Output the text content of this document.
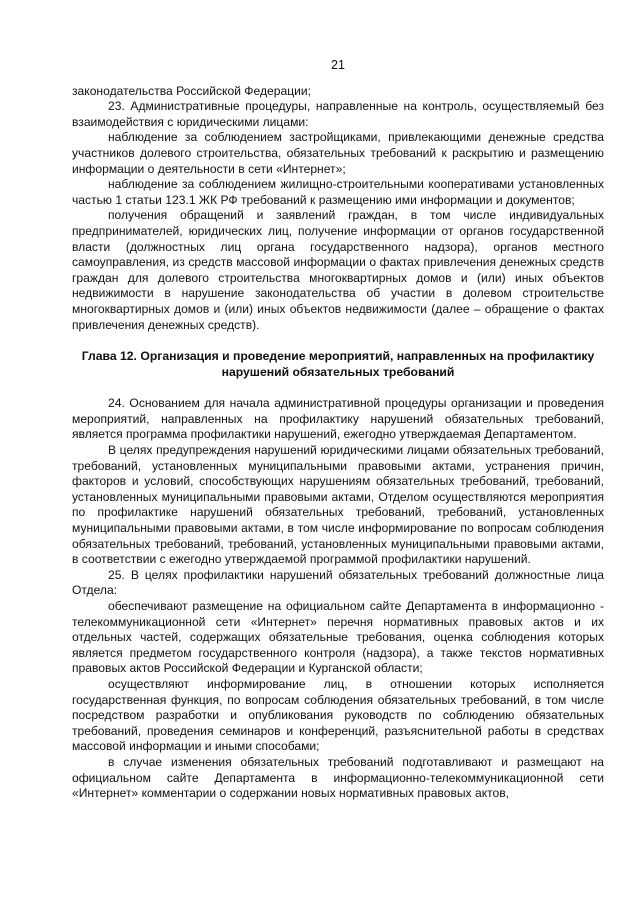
21

законодательства Российской Федерации;

23. Административные процедуры, направленные на контроль, осуществляемый без взаимодействия с юридическими лицами:

наблюдение за соблюдением застройщиками, привлекающими денежные средства участников долевого строительства, обязательных требований к раскрытию и размещению информации о деятельности в сети «Интернет»;

наблюдение за соблюдением жилищно-строительными кооперативами установленных частью 1 статьи 123.1 ЖК РФ требований к размещению ими информации и документов;

получения обращений и заявлений граждан, в том числе индивидуальных предпринимателей, юридических лиц, получение информации от органов государственной власти (должностных лиц органа государственного надзора), органов местного самоуправления, из средств массовой информации о фактах привлечения денежных средств граждан для долевого строительства многоквартирных домов и (или) иных объектов недвижимости в нарушение законодательства об участии в долевом строительстве многоквартирных домов и (или) иных объектов недвижимости (далее – обращение о фактах привлечения денежных средств).

Глава 12. Организация и проведение мероприятий, направленных на профилактику нарушений обязательных требований

24. Основанием для начала административной процедуры организации и проведения мероприятий, направленных на профилактику нарушений обязательных требований, является программа профилактики нарушений, ежегодно утверждаемая Департаментом.

В целях предупреждения нарушений юридическими лицами обязательных требований, требований, установленных муниципальными правовыми актами, устранения причин, факторов и условий, способствующих нарушениям обязательных требований, требований, установленных муниципальными правовыми актами, Отделом осуществляются мероприятия по профилактике нарушений обязательных требований, требований, установленных муниципальными правовыми актами, в том числе информирование по вопросам соблюдения обязательных требований, требований, установленных муниципальными правовыми актами, в соответствии с ежегодно утверждаемой программой профилактики нарушений.

25. В целях профилактики нарушений обязательных требований должностные лица Отдела:

обеспечивают размещение на официальном сайте Департамента в информационно - телекоммуникационной сети «Интернет» перечня нормативных правовых актов и их отдельных частей, содержащих обязательные требования, оценка соблюдения которых является предметом государственного контроля (надзора), а также текстов нормативных правовых актов Российской Федерации и Курганской области;

осуществляют информирование лиц, в отношении которых исполняется государственная функция, по вопросам соблюдения обязательных требований, в том числе посредством разработки и опубликования руководств по соблюдению обязательных требований, проведения семинаров и конференций, разъяснительной работы в средствах массовой информации и иными способами;

в случае изменения обязательных требований подготавливают и размещают на официальном сайте Департамента в информационно-телекоммуникационной сети «Интернет» комментарии о содержании новых нормативных правовых актов,
